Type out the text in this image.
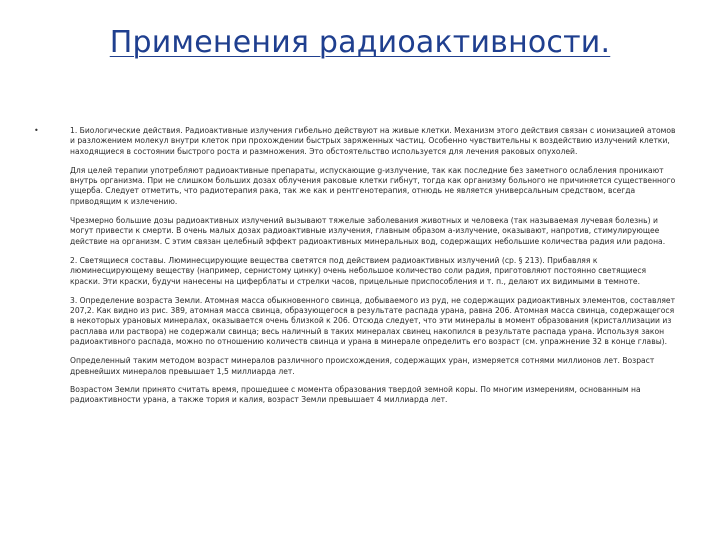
Применения радиоактивности.
•	1. Биологические действия. Радиоактивные излучения гибельно действуют на живые клетки. Механизм этого действия связан с ионизацией атомов и разложением молекул внутри клеток при прохождении быстрых заряженных частиц. Особенно чувствительны к воздействию излучений клетки, находящиеся в состоянии быстрого роста и размножения. Это обстоятельство используется для лечения раковых опухолей.

Для целей терапии употребляют радиоактивные препараты, испускающие g-излучение, так как последние без заметного ослабления проникают внутрь организма. При не слишком больших дозах облучения раковые клетки гибнут, тогда как организму больного не причиняется существенного ущерба. Следует отметить, что радиотерапия рака, так же как и рентгенотерапия, отнюдь не является универсальным средством, всегда приводящим к излечению.

Чрезмерно большие дозы радиоактивных излучений вызывают тяжелые заболевания животных и человека (так называемая лучевая болезнь) и могут привести к смерти. В очень малых дозах радиоактивные излучения, главным образом а-излучение, оказывают, напротив, стимулирующее действие на организм. С этим связан целебный эффект радиоактивных минеральных вод, содержащих небольшие количества радия или радона.

2. Светящиеся составы. Люминесцирующие вещества светятся под действием радиоактивных излучений (ср. § 213). Прибавляя к люминесцирующему веществу (например, сернистому цинку) очень небольшое количество соли радия, приготовляют постоянно светящиеся краски. Эти краски, будучи нанесены на циферблаты и стрелки часов, прицельные приспособления и т. п., делают их видимыми в темноте.

3. Определение возраста Земли. Атомная масса обыкновенного свинца, добываемого из руд, не содержащих радиоактивных элементов, составляет 207,2. Как видно из рис. 389, атомная масса свинца, образующегося в результате распада урана, равна 206. Атомная масса свинца, содержащегося в некоторых урановых минералах, оказывается очень близкой к 206. Отсюда следует, что эти минералы в момент образования (кристаллизации из расплава или раствора) не содержали свинца; весь наличный в таких минералах свинец накопился в результате распада урана. Используя закон радиоактивного распада, можно по отношению количеств свинца и урана в минерале определить его возраст (см. упражнение 32 в конце главы).

Определенный таким методом возраст минералов различного происхождения, содержащих уран, измеряется сотнями миллионов лет. Возраст древнейших минералов превышает 1,5 миллиарда лет.

Возрастом Земли принято считать время, прошедшее с момента образования твердой земной коры. По многим измерениям, основанным на радиоактивности урана, а также тория и калия, возраст Земли превышает 4 миллиарда лет.
